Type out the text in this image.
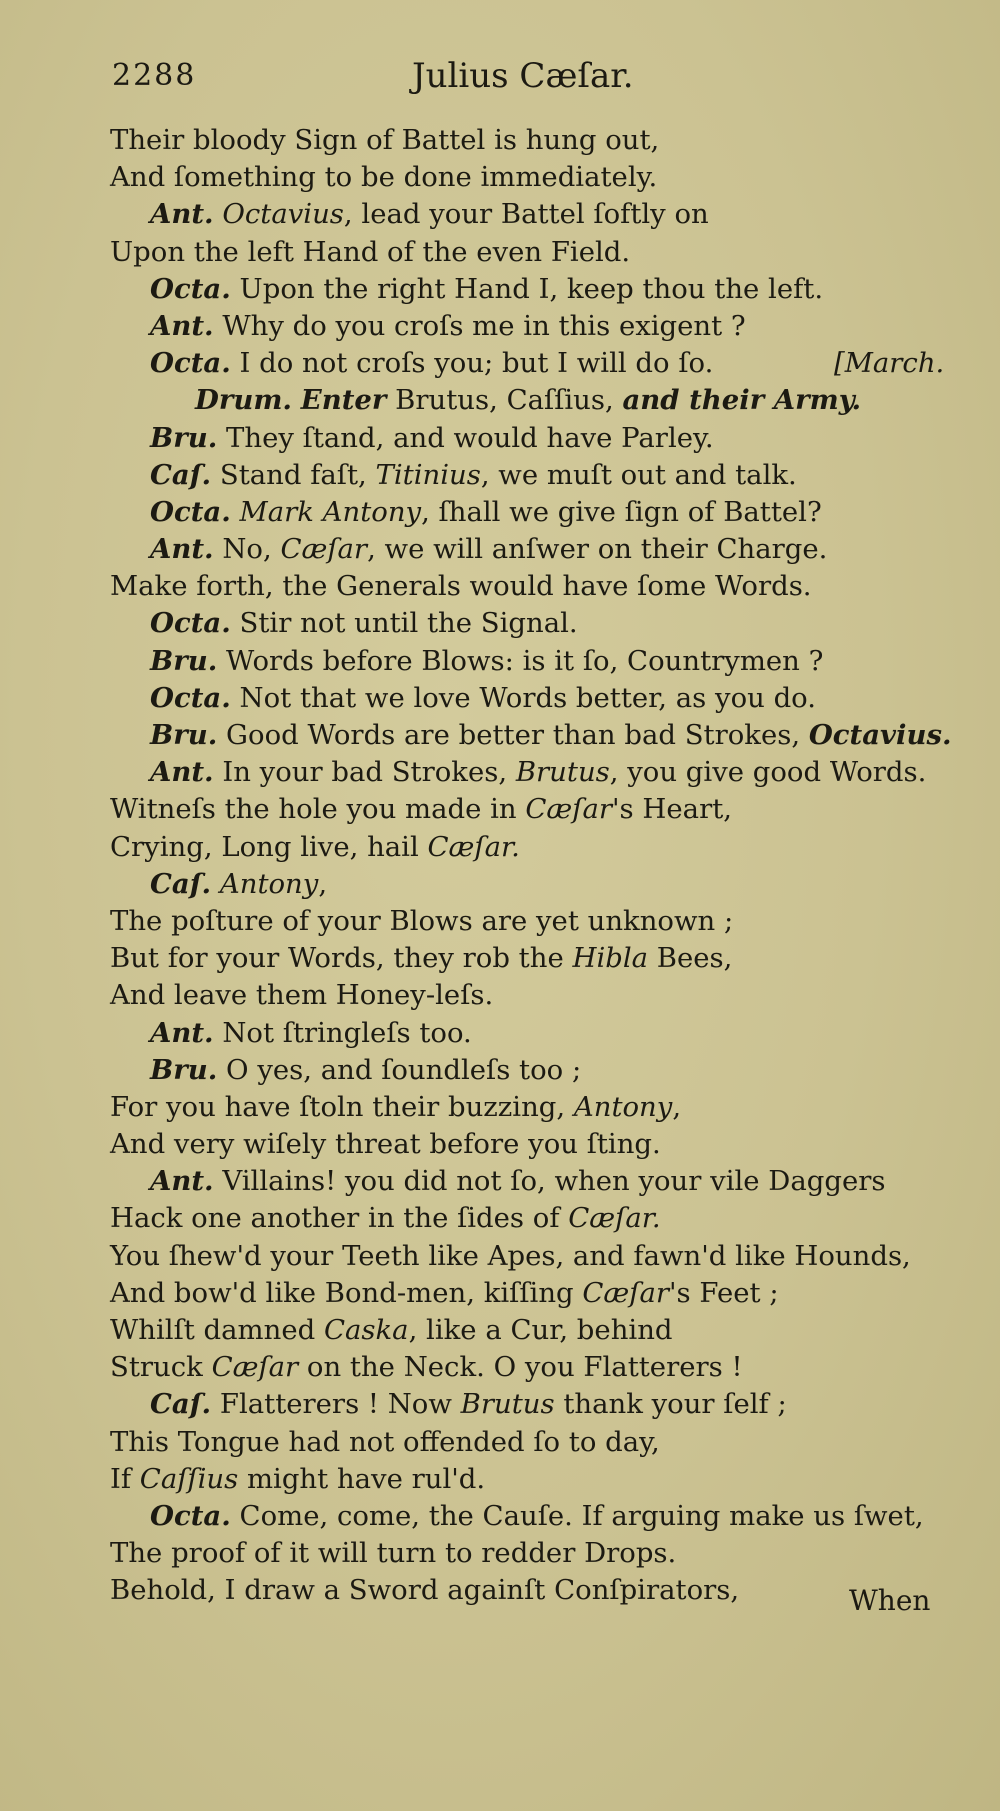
2288	Julius Cæſar.
Their bloody Sign of Battel is hung out,
And ſomething to be done immediately.
Ant. Octavius, lead your Battel ſoftly on
Upon the left Hand of the even Field.
Octa. Upon the right Hand I, keep thou the left.
Ant. Why do you croſs me in this exigent ?
Octa. I do not croſs you; but I will do ſo.	[March.
Drum. Enter Brutus, Caſſius, and their Army.
Bru. They ſtand, and would have Parley.
Caſ. Stand faſt, Titinius, we muſt out and talk.
Octa. Mark Antony, ſhall we give ſign of Battel?
Ant. No, Cæſar, we will anſwer on their Charge.
Make forth, the Generals would have ſome Words.
Octa. Stir not until the Signal.
Bru. Words before Blows: is it ſo, Countrymen ?
Octa. Not that we love Words better, as you do.
Bru. Good Words are better than bad Strokes, Octavius.
Ant. In your bad Strokes, Brutus, you give good Words.
Witneſs the hole you made in Cæſar's Heart,
Crying, Long live, hail Cæſar.
Caſ. Antony,
The poſture of your Blows are yet unknown ;
But for your Words, they rob the Hibla Bees,
And leave them Honey-leſs.
Ant. Not ſtringleſs too.
Bru. O yes, and ſoundleſs too ;
For you have ſtoln their buzzing, Antony,
And very wiſely threat before you ſting.
Ant. Villains! you did not ſo, when your vile Daggers
Hack one another in the ſides of Cæſar.
You ſhew'd your Teeth like Apes, and fawn'd like Hounds,
And bow'd like Bond-men, kiſſing Cæſar's Feet ;
Whilſt damned Caska, like a Cur, behind
Struck Cæſar on the Neck. O you Flatterers !
Caſ. Flatterers ! Now Brutus thank your ſelf ;
This Tongue had not offended ſo to day,
If Caſſius might have rul'd.
Octa. Come, come, the Cauſe. If arguing make us ſwet,
The proof of it will turn to redder Drops.
Behold, I draw a Sword againſt Conſpirators,	When
